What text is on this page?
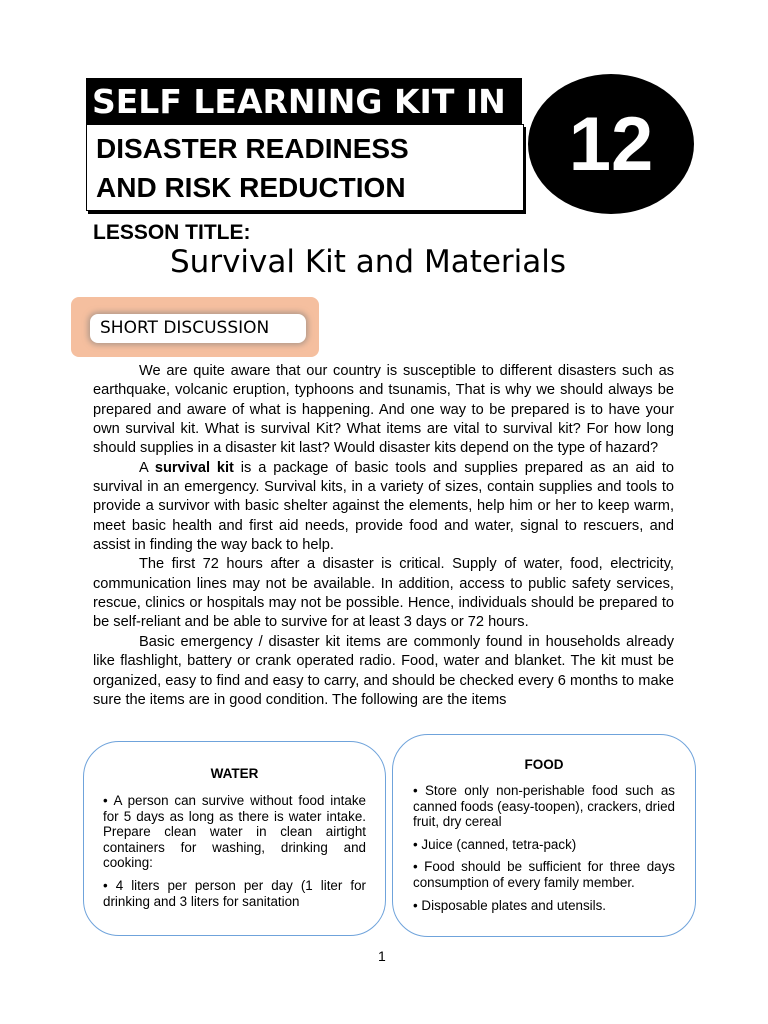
SELF LEARNING KIT IN
DISASTER READINESS
AND RISK REDUCTION
12
LESSON TITLE:
Survival Kit and Materials
SHORT DISCUSSION

We are quite aware that our country is susceptible to different disasters such as earthquake, volcanic eruption, typhoons and tsunamis, That is why we should always be prepared and aware of what is happening. And one way to be prepared is to have your own survival kit. What is survival Kit? What items are vital to survival kit? For how long should supplies in a disaster kit last? Would disaster kits depend on the type of hazard?

A survival kit is a package of basic tools and supplies prepared as an aid to survival in an emergency. Survival kits, in a variety of sizes, contain supplies and tools to provide a survivor with basic shelter against the elements, help him or her to keep warm, meet basic health and first aid needs, provide food and water, signal to rescuers, and assist in finding the way back to help.

The first 72 hours after a disaster is critical. Supply of water, food, electricity, communication lines may not be available. In addition, access to public safety services, rescue, clinics or hospitals may not be possible. Hence, individuals should be prepared to be self-reliant and be able to survive for at least 3 days or 72 hours.

Basic emergency / disaster kit items are commonly found in households already like flashlight, battery or crank operated radio. Food, water and blanket. The kit must be organized, easy to find and easy to carry, and should be checked every 6 months to make sure the items are in good condition. The following are the items

WATER
• A person can survive without food intake for 5 days as long as there is water intake. Prepare clean water in clean airtight containers for washing, drinking and cooking:
• 4 liters per person per day (1 liter for drinking and 3 liters for sanitation
FOOD
• Store only non-perishable food such as canned foods (easy-toopen), crackers, dried fruit, dry cereal
• Juice (canned, tetra-pack)
• Food should be sufficient for three days consumption of every family member.
• Disposable plates and utensils.
1
